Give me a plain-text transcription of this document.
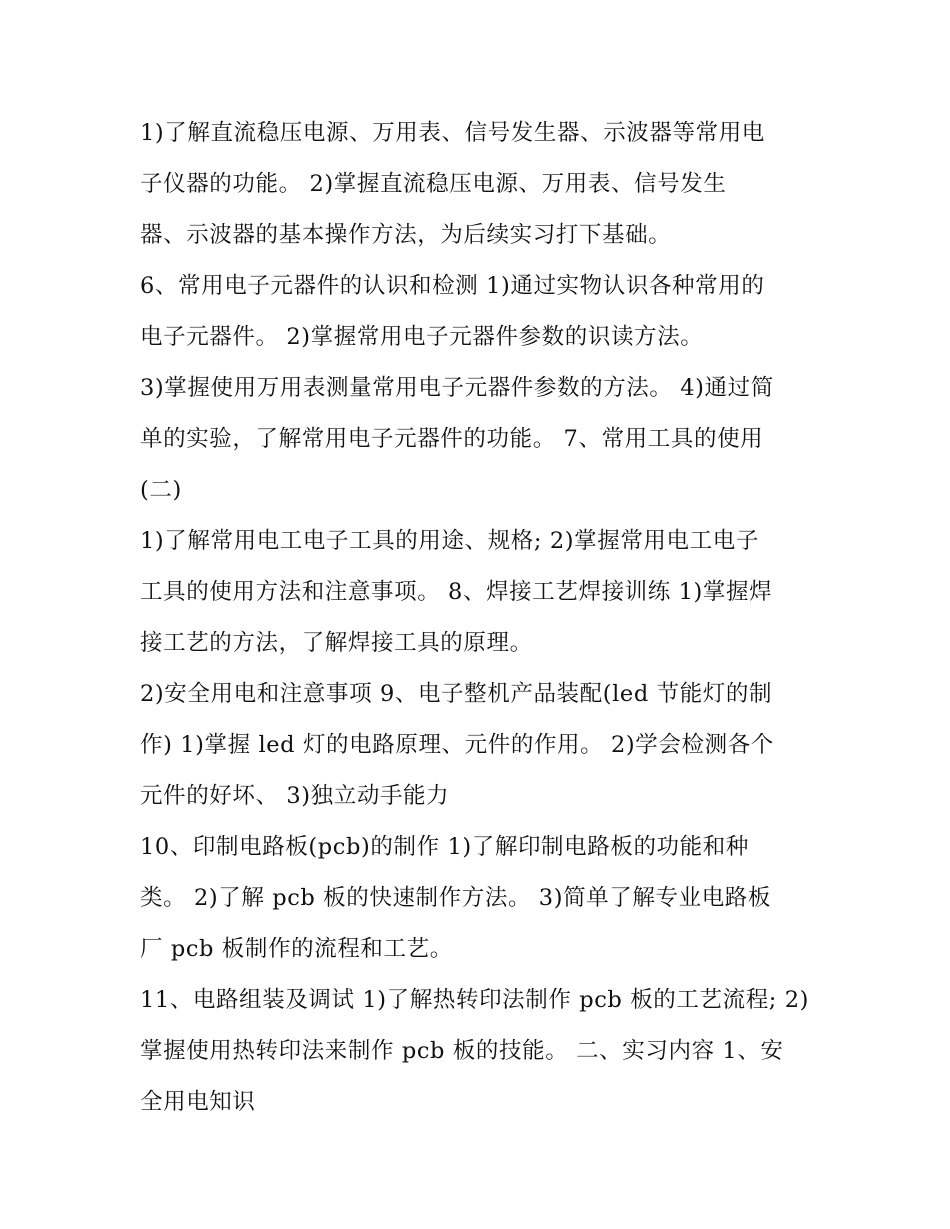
1)了解直流稳压电源、万用表、信号发生器、示波器等常用电
子仪器的功能。 2)掌握直流稳压电源、万用表、信号发生
器、示波器的基本操作方法，为后续实习打下基础。
6、常用电子元器件的认识和检测 1)通过实物认识各种常用的
电子元器件。 2)掌握常用电子元器件参数的识读方法。
3)掌握使用万用表测量常用电子元器件参数的方法。 4)通过简
单的实验，了解常用电子元器件的功能。 7、常用工具的使用
(二)
1)了解常用电工电子工具的用途、规格; 2)掌握常用电工电子
工具的使用方法和注意事项。 8、焊接工艺焊接训练 1)掌握焊
接工艺的方法，了解焊接工具的原理。
2)安全用电和注意事项 9、电子整机产品装配(led 节能灯的制
作) 1)掌握 led 灯的电路原理、元件的作用。 2)学会检测各个
元件的好坏、 3)独立动手能力
10、印制电路板(pcb)的制作 1)了解印制电路板的功能和种
类。 2)了解 pcb 板的快速制作方法。 3)简单了解专业电路板
厂 pcb 板制作的流程和工艺。
11、电路组装及调试 1)了解热转印法制作 pcb 板的工艺流程; 2)
掌握使用热转印法来制作 pcb 板的技能。 二、实习内容 1、安
全用电知识
